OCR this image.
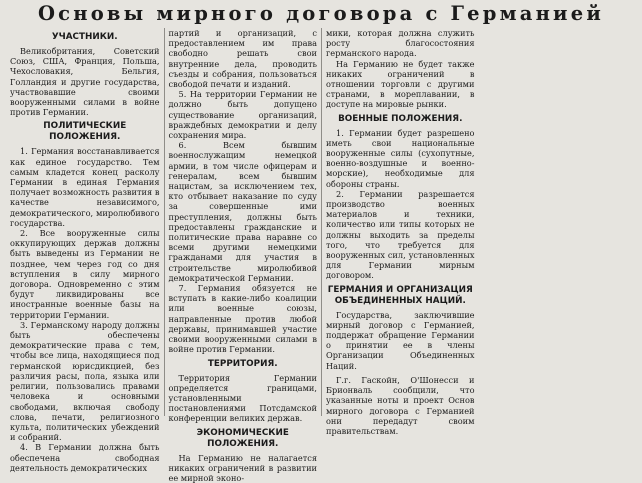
Основы мирного договора с Германией
УЧАСТНИКИ.

Великобритания, Советский Союз, США, Франция, Польша, Чехословакия, Бельгия, Голландия и другие государства, участвовавшие своими вооруженными силами в войне против Германии.

ПОЛИТИЧЕСКИЕ ПОЛОЖЕНИЯ.

1. Германия восстанавливается как единое государство. Тем самым кладется конец расколу Германии в единая Германия получает возможность развития в качестве независимого, демократического, миролюбивого государства.

2. Все вооруженные силы оккупирующих держав должны быть выведены из Германии не позднее, чем через год со дня вступления в силу мирного договора. Одновременно с этим будут ликвидированы все иностранные военные базы на территории Германии.

3. Германскому народу должны быть обеспечены демократические права с тем, чтобы все лица, находящиеся под германской юрисдикцией, без различия расы, пола, языка или религии, пользовались правами человека и основными свободами, включая свободу слова, печати, религиозного культа, политических убеждений и собраний.

4. В Германии должна быть обеспечена свободная деятельность демократических

партий и организаций, с предоставлением им права свободно решать свои внутренние дела, проводить съезды и собрания, пользоваться свободой печати и изданий.

5. На территории Германии не должно быть допущено существование организаций, враждебных демократии и делу сохранения мира.

6. Всем бывшим военнослужащим немецкой армии, в том числе офицерам и генералам, всем бывшим нацистам, за исключением тех, кто отбывает наказание по суду за совершенные ими преступления, должны быть предоставлены гражданские и политические права наравне со всеми другими немецкими гражданами для участия в строительстве миролюбивой демократической Германии.

7. Германия обязуется не вступать в какие-либо коалиции или военные союзы, направленные против любой державы, принимавшей участие своими вооруженными силами в войне против Германии.

ТЕРРИТОРИЯ.

Территория Германии определяется границами, установленными постановлениями Потсдамской конференции великих держав.

ЭКОНОМИЧЕСКИЕ ПОЛОЖЕНИЯ.

На Германию не налагается никаких ограничений в развитии ее мирной эконо-

мики, которая должна служить росту благосостояния германского народа.

На Германию не будет также никаких ограничений в отношении торговли с другими странами, в мореплавании, в доступе на мировые рынки.

ВОЕННЫЕ ПОЛОЖЕНИЯ.

1. Германии будет разрешено иметь свои национальные вооруженные силы (сухопутные, военно-воздушные и военно-морские), необходимые для обороны страны.

2. Германии разрешается производство военных материалов и техники, количество или типы которых не должны выходить за пределы того, что требуется для вооруженных сил, установленных для Германии мирным договором.

ГЕРМАНИЯ И ОРГАНИЗАЦИЯ ОБЪЕДИНЕННЫХ НАЦИЙ.

Государства, заключившие мирный договор с Германией, поддержат обращение Германии о принятии ее в члены Организации Объединенных Наций.

Г.г. Гаскойн, О'Шонесси и Брионваль сообщили, что указанные ноты и проект Основ мирного договора с Германией они передадут своим правительствам.
